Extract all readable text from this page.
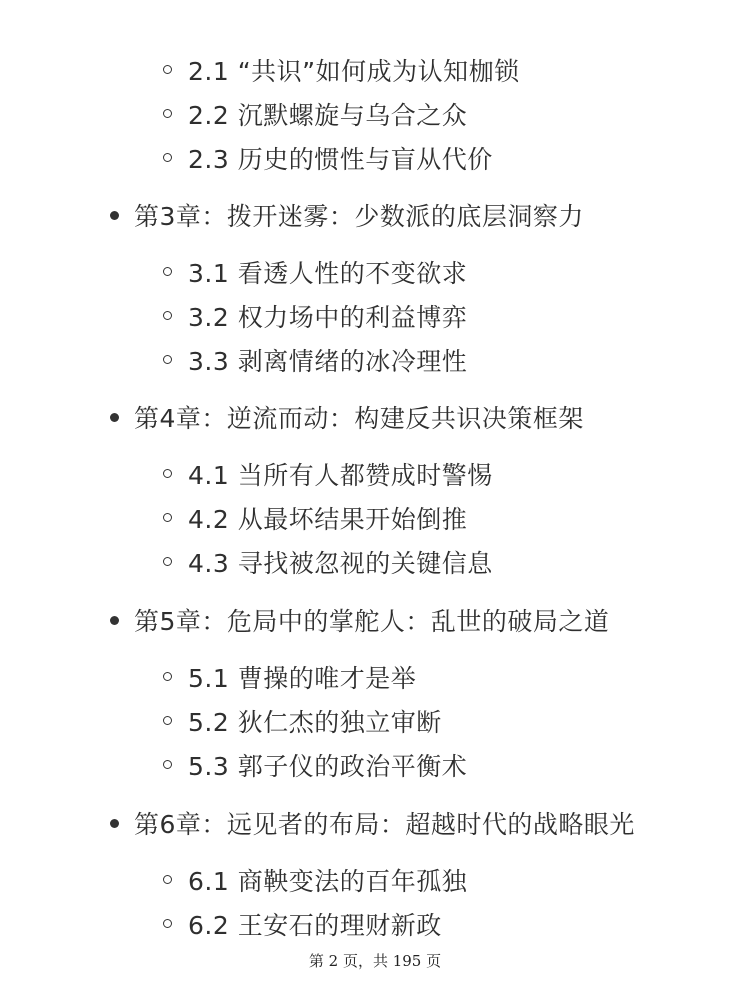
2.1 “共识”如何成为认知枷锁
2.2 沉默螺旋与乌合之众
2.3 历史的惯性与盲从代价
第3章：拨开迷雾：少数派的底层洞察力
3.1 看透人性的不变欲求
3.2 权力场中的利益博弈
3.3 剥离情绪的冰冷理性
第4章：逆流而动：构建反共识决策框架
4.1 当所有人都赞成时警惕
4.2 从最坏结果开始倒推
4.3 寻找被忽视的关键信息
第5章：危局中的掌舵人：乱世的破局之道
5.1 曹操的唯才是举
5.2 狄仁杰的独立审断
5.3 郭子仪的政治平衡术
第6章：远见者的布局：超越时代的战略眼光
6.1 商鞅变法的百年孤独
6.2 王安石的理财新政
第 2 页，共 195 页
